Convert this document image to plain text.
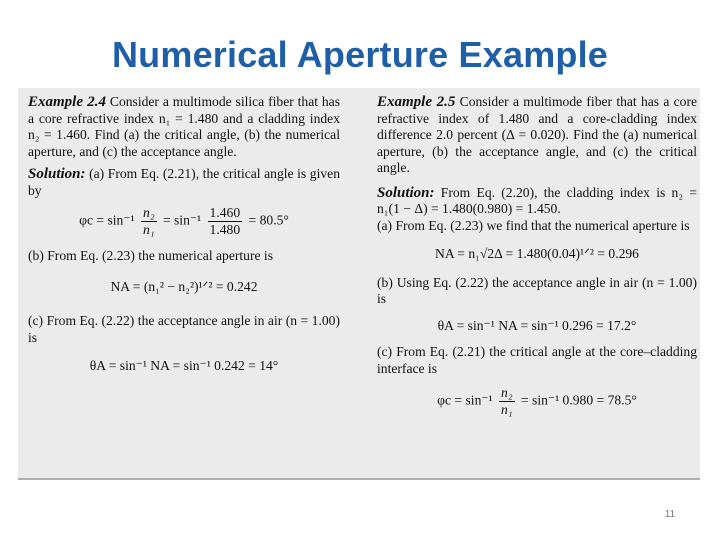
Numerical Aperture Example

Example 2.4 Consider a multimode silica fiber that has a core refractive index n₁ = 1.480 and a cladding index n₂ = 1.460. Find (a) the critical angle, (b) the numerical aperture, and (c) the acceptance angle.

Solution: (a) From Eq. (2.21), the critical angle is given by

$\varphi c = \sin^{-1} \frac{\text{n₂}}{\text{n₁}} = \sin^{-1} \frac{1.460}{1.480} = 80.5^\circ$

(b) From Eq. (2.23) the numerical aperture is

NA = (n₁² − n₂²)¹ᐟ² = 0.242

(c) From Eq. (2.22) the acceptance angle in air (n = 1.00) is

θA = sin⁻¹ NA = sin⁻¹ 0.242 = 14°

Example 2.5 Consider a multimode fiber that has a core refractive index of 1.480 and a core-cladding index difference 2.0 percent (Δ = 0.020). Find the (a) numerical aperture, (b) the acceptance angle, and (c) the critical angle.

Solution: From Eq. (2.20), the cladding index is n₂ = n₁(1 − Δ) = 1.480(0.980) = 1.450.

(a) From Eq. (2.23) we find that the numerical aperture is

NA = n₁√2Δ = 1.480(0.04)¹ᐟ² = 0.296

(b) Using Eq. (2.22) the acceptance angle in air (n = 1.00) is

θA = sin⁻¹ NA = sin⁻¹ 0.296 = 17.2°

(c) From Eq. (2.21) the critical angle at the core–cladding interface is

$\varphi c = \sin^{-1} \frac{\text{n₂}}{\text{n₁}} = \sin^{-1}$ 0.980 = 78.5°
11
